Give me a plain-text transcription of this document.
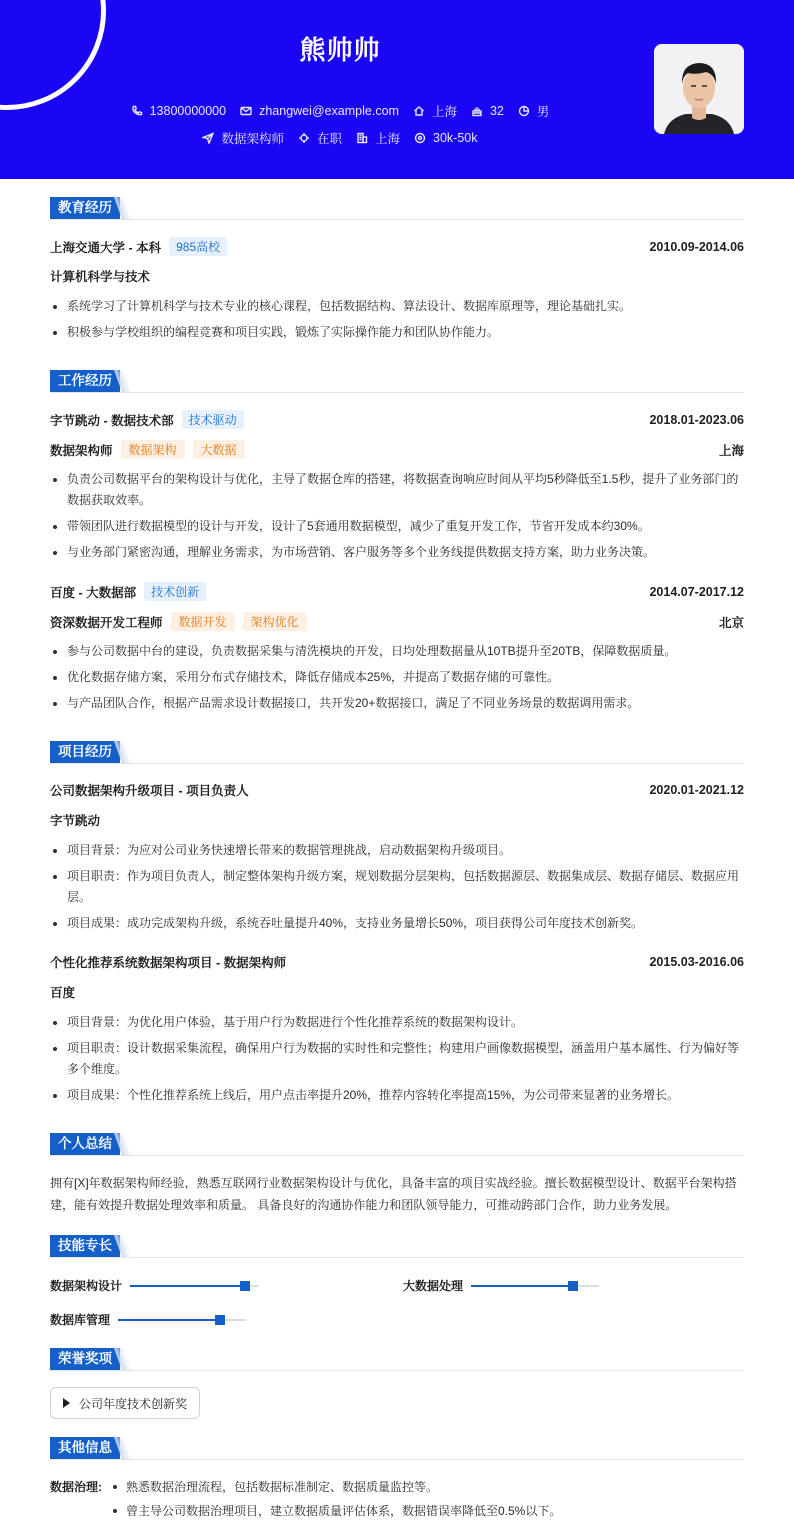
熊帅帅
13800000000	zhangwei@example.com	上海	32	男
数据架构师	在职	上海	30k-50k
教育经历
上海交通大学 - 本科	985高校	2010.09-2014.06
计算机科学与技术
系统学习了计算机科学与技术专业的核心课程，包括数据结构、算法设计、数据库原理等，理论基础扎实。
积极参与学校组织的编程竞赛和项目实践，锻炼了实际操作能力和团队协作能力。
工作经历
字节跳动 - 数据技术部	技术驱动	2018.01-2023.06
数据架构师	数据架构	大数据	上海
负责公司数据平台的架构设计与优化，主导了数据仓库的搭建，将数据查询响应时间从平均5秒降低至1.5秒，提升了业务部门的数据获取效率。
带领团队进行数据模型的设计与开发，设计了5套通用数据模型，减少了重复开发工作，节省开发成本约30%。
与业务部门紧密沟通，理解业务需求，为市场营销、客户服务等多个业务线提供数据支持方案，助力业务决策。
百度 - 大数据部	技术创新	2014.07-2017.12
资深数据开发工程师	数据开发	架构优化	北京
参与公司数据中台的建设，负责数据采集与清洗模块的开发，日均处理数据量从10TB提升至20TB，保障数据质量。
优化数据存储方案，采用分布式存储技术，降低存储成本25%，并提高了数据存储的可靠性。
与产品团队合作，根据产品需求设计数据接口，共开发20+数据接口，满足了不同业务场景的数据调用需求。
项目经历
公司数据架构升级项目 - 项目负责人	2020.01-2021.12
字节跳动
项目背景：为应对公司业务快速增长带来的数据管理挑战，启动数据架构升级项目。
项目职责：作为项目负责人，制定整体架构升级方案，规划数据分层架构，包括数据源层、数据集成层、数据存储层、数据应用层。
项目成果：成功完成架构升级，系统吞吐量提升40%，支持业务量增长50%，项目获得公司年度技术创新奖。
个性化推荐系统数据架构项目 - 数据架构师	2015.03-2016.06
百度
项目背景：为优化用户体验，基于用户行为数据进行个性化推荐系统的数据架构设计。
项目职责：设计数据采集流程，确保用户行为数据的实时性和完整性；构建用户画像数据模型，涵盖用户基本属性、行为偏好等多个维度。
项目成果：个性化推荐系统上线后，用户点击率提升20%，推荐内容转化率提高15%，为公司带来显著的业务增长。
个人总结
拥有[X]年数据架构师经验，熟悉互联网行业数据架构设计与优化，具备丰富的项目实战经验。擅长数据模型设计、数据平台架构搭建，能有效提升数据处理效率和质量。 具备良好的沟通协作能力和团队领导能力，可推动跨部门合作，助力业务发展。
技能专长
数据架构设计	大数据处理
数据库管理
荣誉奖项
公司年度技术创新奖
其他信息
数据治理:	熟悉数据治理流程，包括数据标准制定、数据质量监控等。
曾主导公司数据治理项目，建立数据质量评估体系，数据错误率降低至0.5%以下。
